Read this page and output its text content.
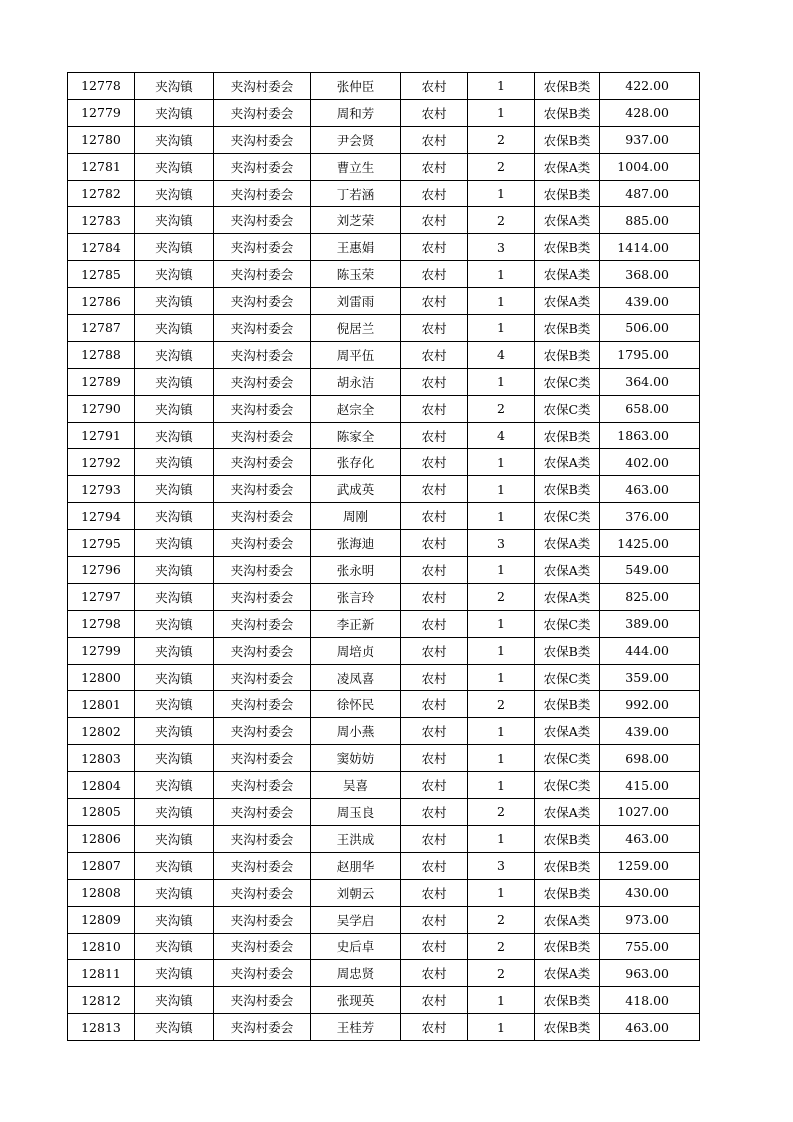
12778	夹沟镇	夹沟村委会	张仲臣	农村	1	农保B类	422.00
12779	夹沟镇	夹沟村委会	周和芳	农村	1	农保B类	428.00
12780	夹沟镇	夹沟村委会	尹会贤	农村	2	农保B类	937.00
12781	夹沟镇	夹沟村委会	曹立生	农村	2	农保A类	1004.00
12782	夹沟镇	夹沟村委会	丁若涵	农村	1	农保B类	487.00
12783	夹沟镇	夹沟村委会	刘芝荣	农村	2	农保A类	885.00
12784	夹沟镇	夹沟村委会	王惠娟	农村	3	农保B类	1414.00
12785	夹沟镇	夹沟村委会	陈玉荣	农村	1	农保A类	368.00
12786	夹沟镇	夹沟村委会	刘雷雨	农村	1	农保A类	439.00
12787	夹沟镇	夹沟村委会	倪居兰	农村	1	农保B类	506.00
12788	夹沟镇	夹沟村委会	周平伍	农村	4	农保B类	1795.00
12789	夹沟镇	夹沟村委会	胡永洁	农村	1	农保C类	364.00
12790	夹沟镇	夹沟村委会	赵宗全	农村	2	农保C类	658.00
12791	夹沟镇	夹沟村委会	陈家全	农村	4	农保B类	1863.00
12792	夹沟镇	夹沟村委会	张存化	农村	1	农保A类	402.00
12793	夹沟镇	夹沟村委会	武成英	农村	1	农保B类	463.00
12794	夹沟镇	夹沟村委会	周刚	农村	1	农保C类	376.00
12795	夹沟镇	夹沟村委会	张海迪	农村	3	农保A类	1425.00
12796	夹沟镇	夹沟村委会	张永明	农村	1	农保A类	549.00
12797	夹沟镇	夹沟村委会	张言玲	农村	2	农保A类	825.00
12798	夹沟镇	夹沟村委会	李正新	农村	1	农保C类	389.00
12799	夹沟镇	夹沟村委会	周培贞	农村	1	农保B类	444.00
12800	夹沟镇	夹沟村委会	凌凤喜	农村	1	农保C类	359.00
12801	夹沟镇	夹沟村委会	徐怀民	农村	2	农保B类	992.00
12802	夹沟镇	夹沟村委会	周小燕	农村	1	农保A类	439.00
12803	夹沟镇	夹沟村委会	窦妨妨	农村	1	农保C类	698.00
12804	夹沟镇	夹沟村委会	吴喜	农村	1	农保C类	415.00
12805	夹沟镇	夹沟村委会	周玉良	农村	2	农保A类	1027.00
12806	夹沟镇	夹沟村委会	王洪成	农村	1	农保B类	463.00
12807	夹沟镇	夹沟村委会	赵朋华	农村	3	农保B类	1259.00
12808	夹沟镇	夹沟村委会	刘朝云	农村	1	农保B类	430.00
12809	夹沟镇	夹沟村委会	吴学启	农村	2	农保A类	973.00
12810	夹沟镇	夹沟村委会	史后卓	农村	2	农保B类	755.00
12811	夹沟镇	夹沟村委会	周忠贤	农村	2	农保A类	963.00
12812	夹沟镇	夹沟村委会	张现英	农村	1	农保B类	418.00
12813	夹沟镇	夹沟村委会	王桂芳	农村	1	农保B类	463.00
